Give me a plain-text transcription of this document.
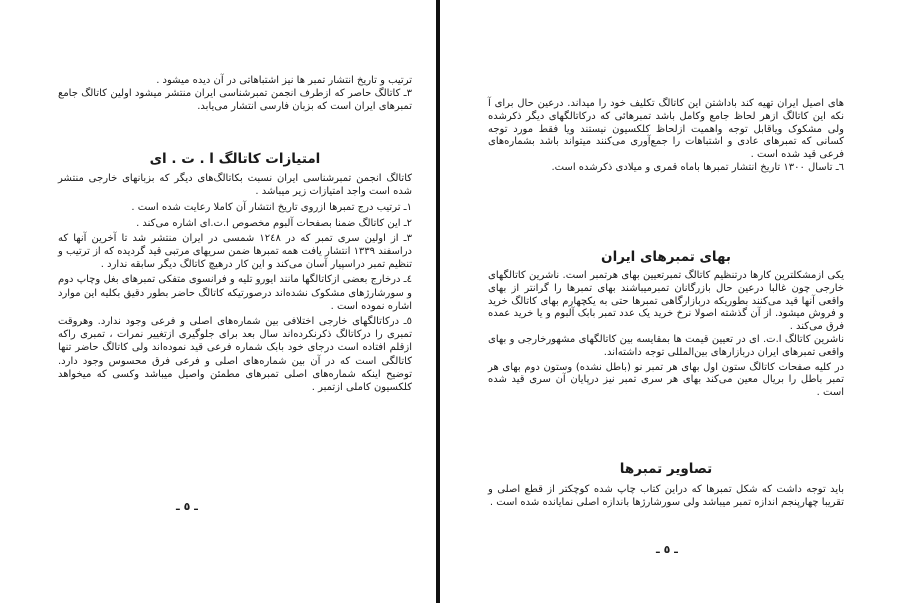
ترتیب و تاریخ انتشار تمبر ها نیز اشتباهاتی در آن دیده میشود .

٣ـ کاتالگ حاصر که ازطرف انجمن تمبرشناسی ایران منتشر میشود اولین کاتالگ جامع تمبرهای ایران است که بزبان فارسی انتشار می‌یابد.

امتیازات کاتالگ ا . ت . ای

کاتالگ انجمن تمبرشناسی ایران نسبت بکاتالگ‌های دیگر که بزبانهای خارجی منتشر شده است واجد امتیازات زیر میباشد .

١ـ ترتیب درج تمبرها ازروی تاریخ انتشار آن کاملا رعایت شده است .

٢ـ این کاتالگ ضمنا بصفحات آلبوم مخصوص ا.ت.ای اشاره می‌کند .

٣ـ از اولین سری تمبر که در ١٢٤٨ شمسی در ایران منتشر شد تا آخرین آنها که دراسفند ١٣٣٩ انتشار یافت همه تمبرها ضمن سریهای مرتبی قید گردیده که از ترتیب و تنظیم تمبر دراسپیار آسان می‌کند و این کار درهیچ کاتالگ دیگر سابقه ندارد .

٤ـ درخارج بعضی ازکاتالگها مانند ایورو تلیه و فرانسوی متفکی تمبرهای بغل وچاپ دوم و سورشارژهای مشکوک نشده‌اند درصورتیکه کاتالگ حاضر بطور دقیق بکلیه این موارد اشاره نموده است .

٥ـ درکاتالگهای خارجی اختلافی بین شماره‌های اصلی و فرعی وجود ندارد. وهروقت تمبری را درکاتالگ ذکرنکرده‌اند سال بعد برای جلوگیری ازتغییر نمرات ، تمبری راکه ازقلم افتاده است درجای خود بابک شماره فرعی قید نموده‌اند ولی کاتالگ حاضر تنها کاتالگی است که در آن بین شماره‌های اصلی و فرعی فرق محسوس وجود دارد. توضیح اینکه شماره‌های اصلی تمبرهای مطمئن واصیل میباشد وکسی که میخواهد کلکسیون کاملی ازتمبر .

ـ ٥ ـ

های اصیل ایران تهیه کند باداشتن این کاتالگ تکلیف خود را میداند. درعین حال برای آ نکه این کاتالگ ازهر لحاظ جامع وکامل باشد تمبرهائی که درکاتالگهای دیگر ذکرشده ولی مشکوک ویاقابل توجه واهمیت ازلحاظ کلکسیون نیستند ویا فقط مورد توجه کسانی که تمبرهای عادی و اشتباهات را جمع‌آوری می‌کنند میتواند باشد بشماره‌های فرعی قید شده است .

٦ـ تاسال ١٣٠٠ تاریخ انتشار تمبرها باماه قمری و میلادی ذکرشده است.

بهای تمبرهای ایران

یکی ازمشکلترین کارها درتنظیم کاتالگ تمبرتعیین بهای هرتمبر است. ناشرین کاتالگهای خارجی چون غالبا درعین حال بازرگانان تمبرمیباشند بهای تمبرها را گرانتر از بهای واقعی آنها قید می‌کنند بطوریکه دربازارگاهی تمبرها حتی به یکچهارم بهای کاتالگ خرید و فروش میشود. از آن گذشته اصولا نرخ خرید یک عدد تمبر بابک آلبوم و یا خرید عمده فرق می‌کند .

ناشرین کاتالگ ا.ت. ای در تعیین قیمت ها بمقایسه بین کاتالگهای مشهورخارجی و بهای واقعی تمبرهای ایران دربازارهای بین‌المللی توجه داشته‌اند.

در کلیه صفحات کاتالگ ستون اول بهای هر تمبر نو (باطل نشده) وستون دوم بهای هر تمبر باطل را بریال معین می‌کند بهای هر سری تمبر نیز درپایان آن سری قید شده است .

تصاویر تمبرها

باید توجه داشت که شکل تمبرها که دراین کتاب چاپ شده کوچکتر از قطع اصلی و تقریبا چهارپنجم اندازه تمبر میباشد ولی سورشارژها باندازه اصلی نمایانده شده است .

ـ ٥ ـ
